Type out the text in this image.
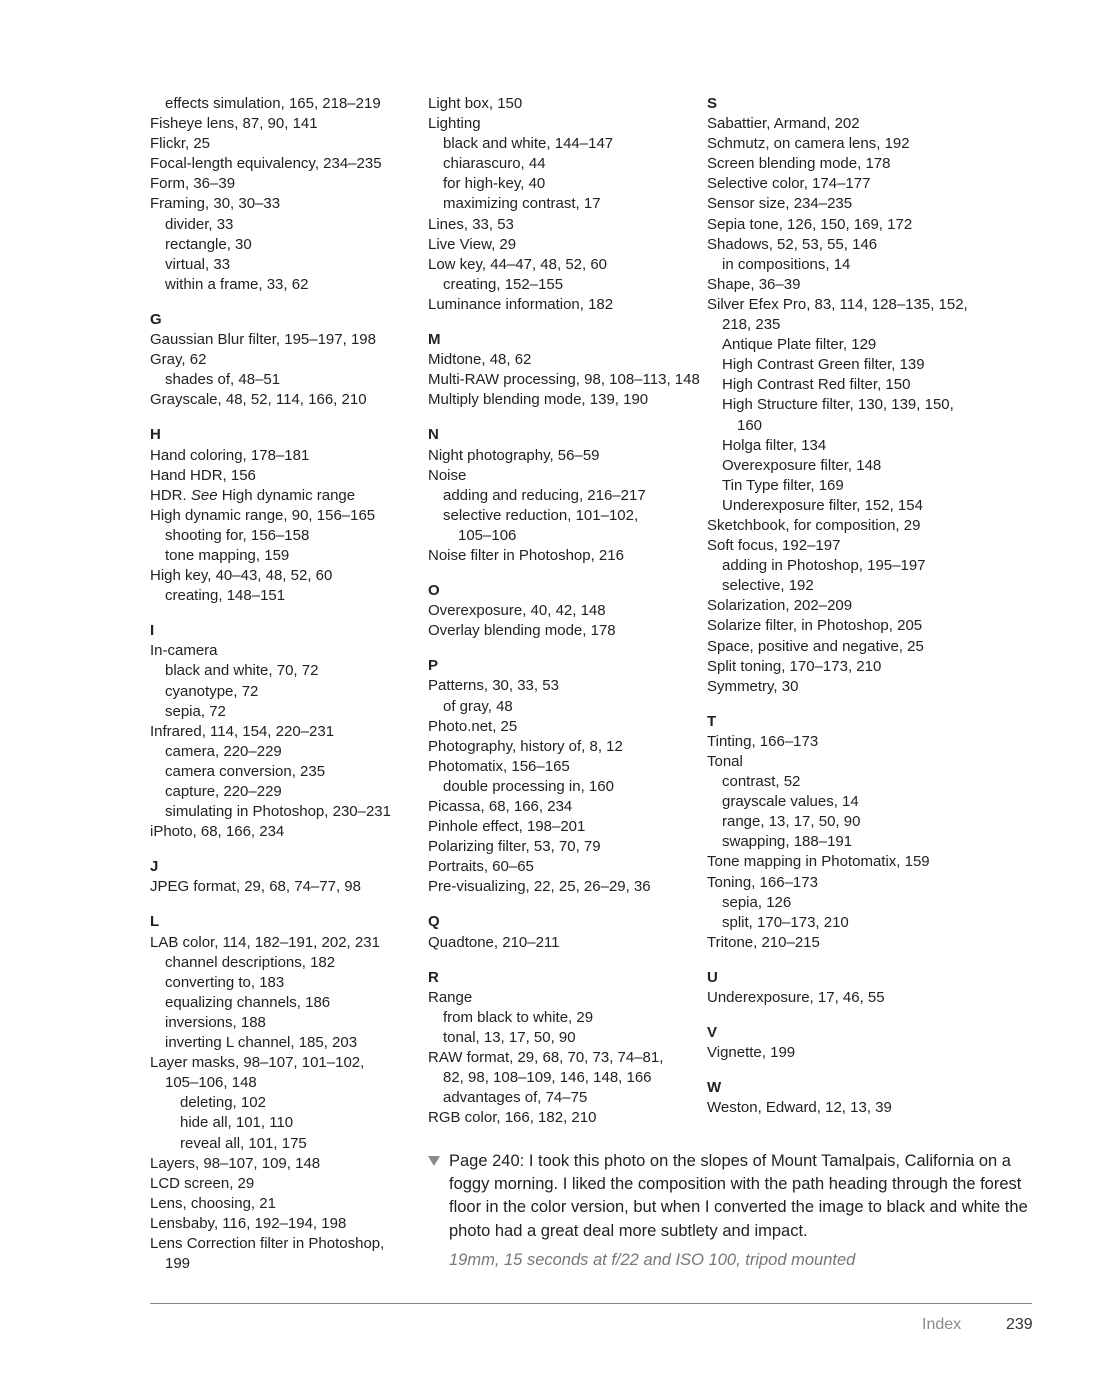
effects simulation, 165, 218–219
Fisheye lens, 87, 90, 141
Flickr, 25
Focal-length equivalency, 234–235
Form, 36–39
Framing, 30, 30–33
divider, 33
rectangle, 30
virtual, 33
within a frame, 33, 62
G
Gaussian Blur filter, 195–197, 198
Gray, 62
shades of, 48–51
Grayscale, 48, 52, 114, 166, 210
H
Hand coloring, 178–181
Hand HDR, 156
HDR. See High dynamic range
High dynamic range, 90, 156–165
shooting for, 156–158
tone mapping, 159
High key, 40–43, 48, 52, 60
creating, 148–151
I
In-camera
black and white, 70, 72
cyanotype, 72
sepia, 72
Infrared, 114, 154, 220–231
camera, 220–229
camera conversion, 235
capture, 220–229
simulating in Photoshop, 230–231
iPhoto, 68, 166, 234
J
JPEG format, 29, 68, 74–77, 98
L
LAB color, 114, 182–191, 202, 231
channel descriptions, 182
converting to, 183
equalizing channels, 186
inversions, 188
inverting L channel, 185, 203
Layer masks, 98–107, 101–102,
105–106, 148
deleting, 102
hide all, 101, 110
reveal all, 101, 175
Layers, 98–107, 109, 148
LCD screen, 29
Lens, choosing, 21
Lensbaby, 116, 192–194, 198
Lens Correction filter in Photoshop,
199
Light box, 150
Lighting
black and white, 144–147
chiarascuro, 44
for high-key, 40
maximizing contrast, 17
Lines, 33, 53
Live View, 29
Low key, 44–47, 48, 52, 60
creating, 152–155
Luminance information, 182
M
Midtone, 48, 62
Multi-RAW processing, 98, 108–113, 148
Multiply blending mode, 139, 190
N
Night photography, 56–59
Noise
adding and reducing, 216–217
selective reduction, 101–102,
105–106
Noise filter in Photoshop, 216
O
Overexposure, 40, 42, 148
Overlay blending mode, 178
P
Patterns, 30, 33, 53
of gray, 48
Photo.net, 25
Photography, history of, 8, 12
Photomatix, 156–165
double processing in, 160
Picassa, 68, 166, 234
Pinhole effect, 198–201
Polarizing filter, 53, 70, 79
Portraits, 60–65
Pre-visualizing, 22, 25, 26–29, 36
Q
Quadtone, 210–211
R
Range
from black to white, 29
tonal, 13, 17, 50, 90
RAW format, 29, 68, 70, 73, 74–81,
82, 98, 108–109, 146, 148, 166
advantages of, 74–75
RGB color, 166, 182, 210
S
Sabattier, Armand, 202
Schmutz, on camera lens, 192
Screen blending mode, 178
Selective color, 174–177
Sensor size, 234–235
Sepia tone, 126, 150, 169, 172
Shadows, 52, 53, 55, 146
in compositions, 14
Shape, 36–39
Silver Efex Pro, 83, 114, 128–135, 152,
218, 235
Antique Plate filter, 129
High Contrast Green filter, 139
High Contrast Red filter, 150
High Structure filter, 130, 139, 150,
160
Holga filter, 134
Overexposure filter, 148
Tin Type filter, 169
Underexposure filter, 152, 154
Sketchbook, for composition, 29
Soft focus, 192–197
adding in Photoshop, 195–197
selective, 192
Solarization, 202–209
Solarize filter, in Photoshop, 205
Space, positive and negative, 25
Split toning, 170–173, 210
Symmetry, 30
T
Tinting, 166–173
Tonal
contrast, 52
grayscale values, 14
range, 13, 17, 50, 90
swapping, 188–191
Tone mapping in Photomatix, 159
Toning, 166–173
sepia, 126
split, 170–173, 210
Tritone, 210–215
U
Underexposure, 17, 46, 55
V
Vignette, 199
W
Weston, Edward, 12, 13, 39
Page 240: I took this photo on the slopes of Mount Tamalpais, California on a foggy morning. I liked the composition with the path heading through the forest floor in the color version, but when I converted the image to black and white the photo had a great deal more subtlety and impact.
19mm, 15 seconds at f/22 and ISO 100, tripod mounted
Index	239
